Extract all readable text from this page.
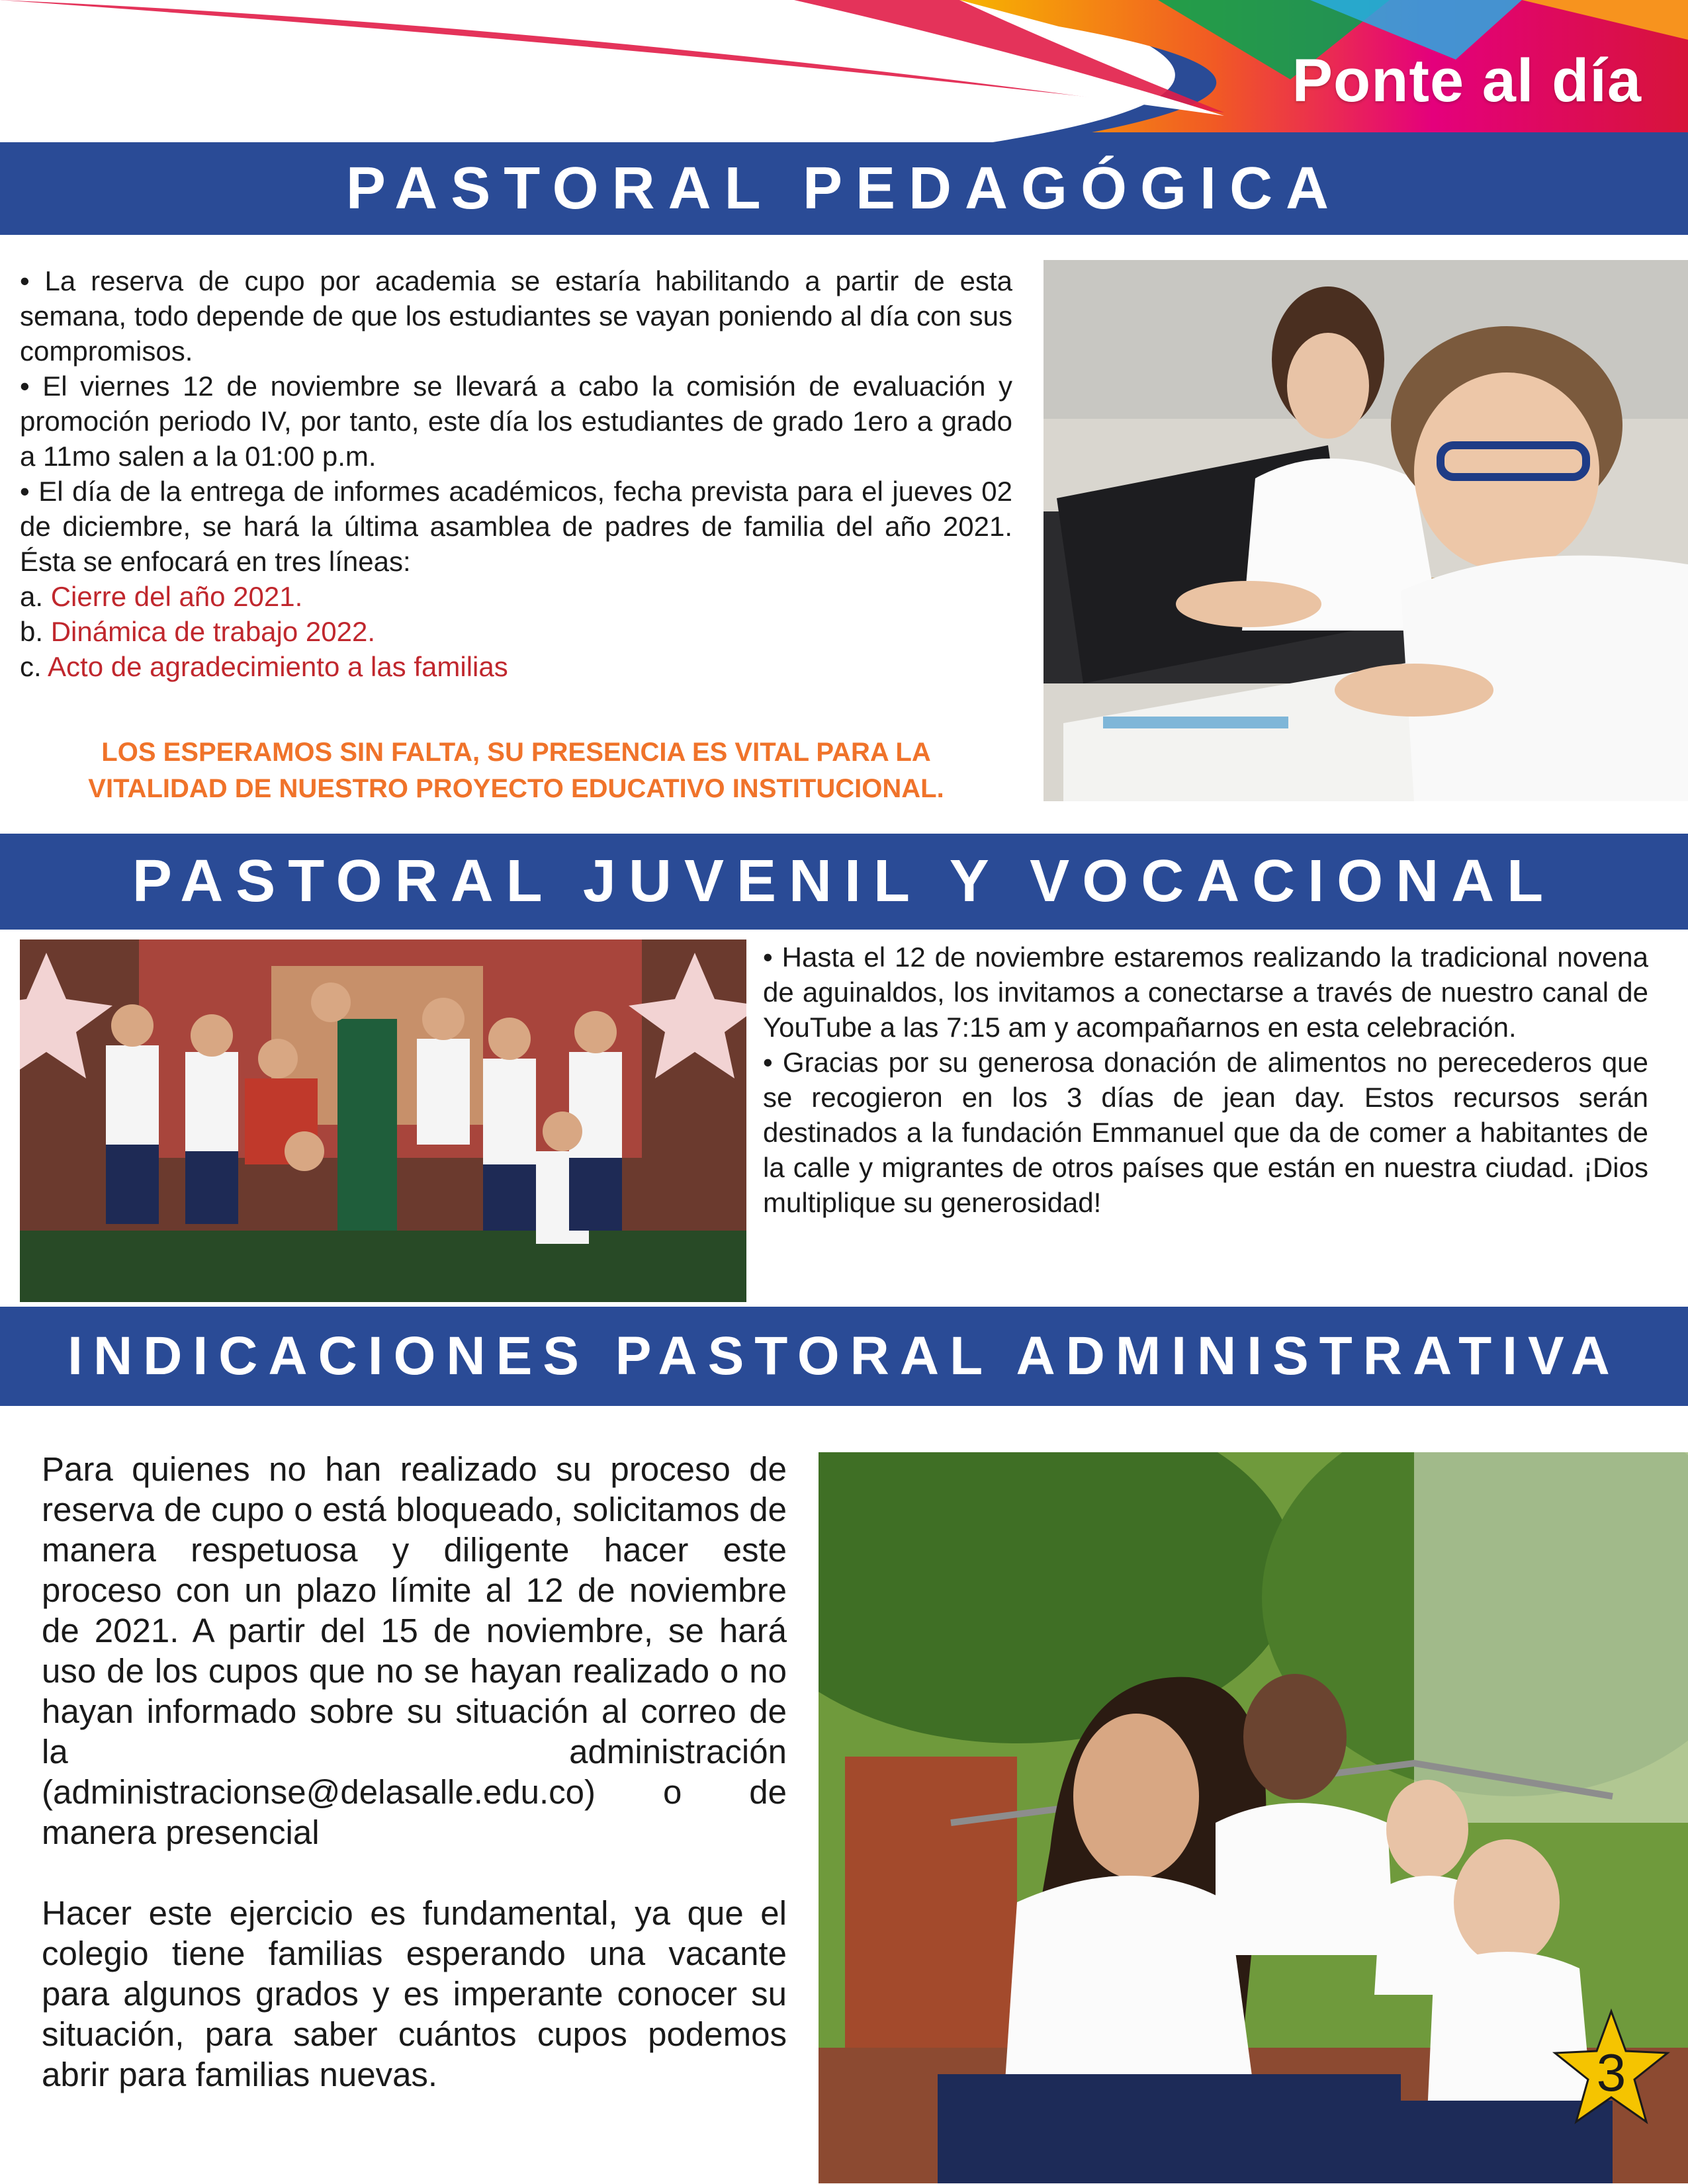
Ponte al día
PASTORAL PEDAGÓGICA

• La reserva de cupo por academia se estaría habilitando a partir de esta semana, todo depende de que los estudiantes se vayan poniendo al día con sus compromisos.

• El viernes 12 de noviembre se llevará a cabo la comisión de evaluación y promoción periodo IV, por tanto, este día los estudiantes de grado 1ero a grado a 11mo salen a la 01:00 p.m.

• El día de la entrega de informes académicos, fecha prevista para el jueves 02 de diciembre, se hará la última asamblea de padres de familia del año 2021. Ésta se enfocará en tres líneas:

a. Cierre del año 2021.

b. Dinámica de trabajo 2022.

c. Acto de agradecimiento a las familias

LOS ESPERAMOS SIN FALTA, SU PRESENCIA ES VITAL PARA LA
VITALIDAD DE NUESTRO PROYECTO EDUCATIVO INSTITUCIONAL.
PASTORAL JUVENIL Y VOCACIONAL

• Hasta el 12 de noviembre estaremos realizando la tradicional novena de aguinaldos, los invitamos a conectarse a través de nuestro canal de YouTube a las 7:15 am y acompañarnos en esta celebración.

• Gracias por su generosa donación de alimentos no perecederos que se recogieron en los 3 días de jean day. Estos recursos serán destinados a la fundación Emmanuel que da de comer a habitantes de la calle y migrantes de otros países que están en nuestra ciudad. ¡Dios multiplique su generosidad!

INDICACIONES PASTORAL ADMINISTRATIVA

Para quienes no han realizado su proceso de reserva de cupo o está bloqueado, solicitamos de manera respetuosa y diligente hacer este proceso con un plazo límite al 12 de noviembre de 2021. A partir del 15 de noviembre, se hará uso de los cupos que no se hayan realizado o no hayan informado sobre su situación al correo de la administración (administracionse@delasalle.edu.co) o de manera presencial

Hacer este ejercicio es fundamental, ya que el colegio tiene familias esperando una vacante para algunos grados y es imperante conocer su situación, para saber cuántos cupos podemos abrir para familias nuevas.	3
